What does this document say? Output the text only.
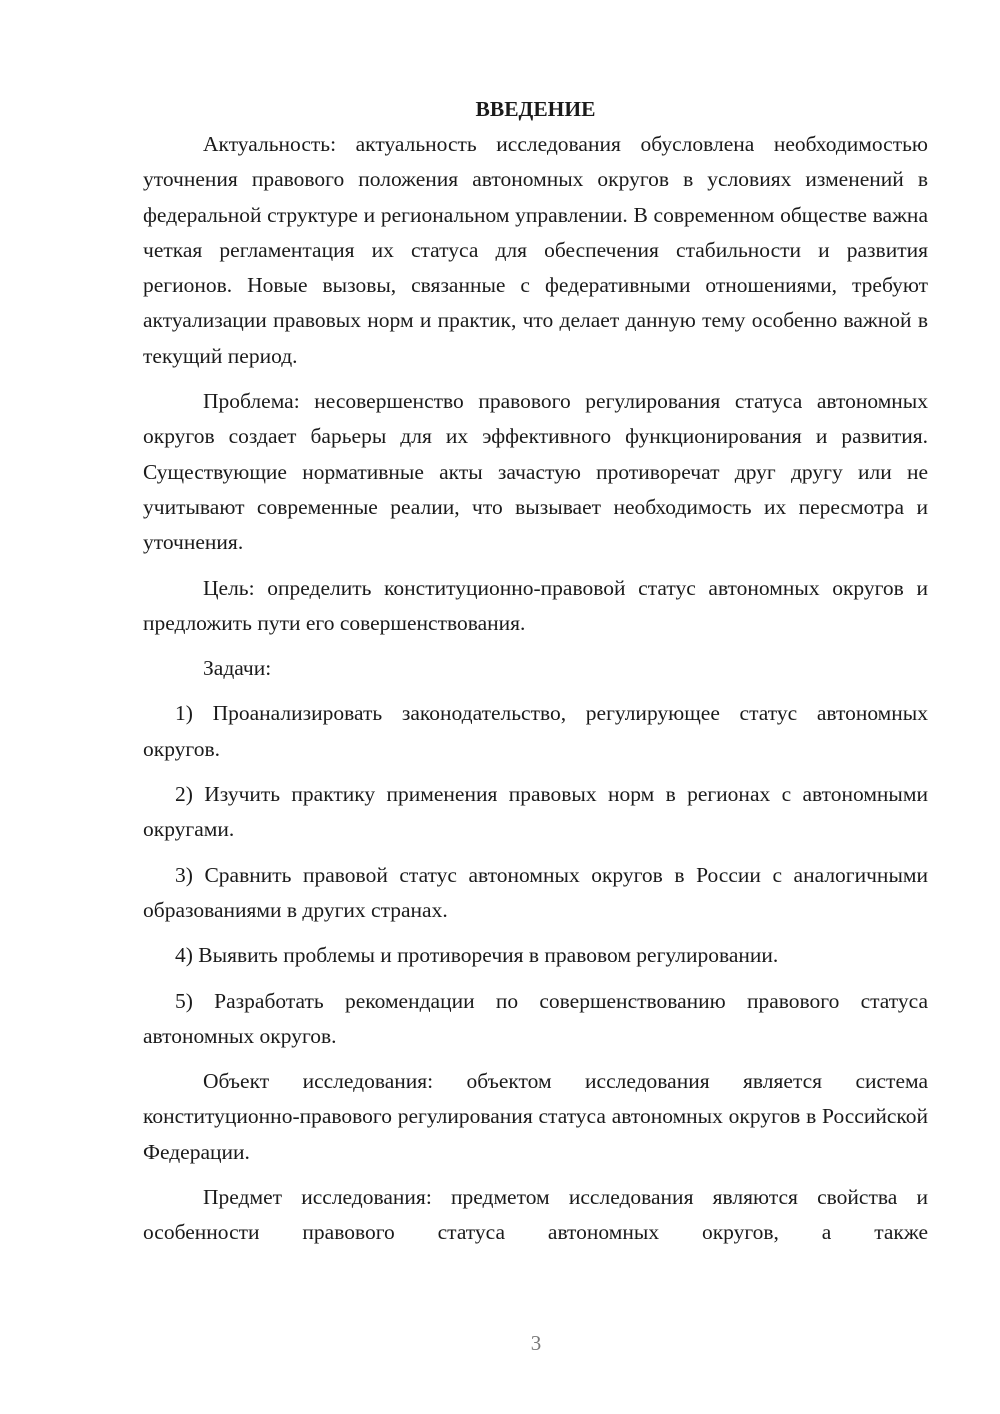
ВВЕДЕНИЕ

Актуальность: актуальность исследования обусловлена необходимостью уточнения правового положения автономных округов в условиях изменений в федеральной структуре и региональном управлении. В современном обществе важна четкая регламентация их статуса для обеспечения стабильности и развития регионов. Новые вызовы, связанные с федеративными отношениями, требуют актуализации правовых норм и практик, что делает данную тему особенно важной в текущий период.

Проблема: несовершенство правового регулирования статуса автономных округов создает барьеры для их эффективного функционирования и развития. Существующие нормативные акты зачастую противоречат друг другу или не учитывают современные реалии, что вызывает необходимость их пересмотра и уточнения.

Цель: определить конституционно-правовой статус автономных округов и предложить пути его совершенствования.

Задачи:

1) Проанализировать законодательство, регулирующее статус автономных округов.

2) Изучить практику применения правовых норм в регионах с автономными округами.

3) Сравнить правовой статус автономных округов в России с аналогичными образованиями в других странах.

4) Выявить проблемы и противоречия в правовом регулировании.

5) Разработать рекомендации по совершенствованию правового статуса автономных округов.

Объект исследования: объектом исследования является система конституционно-правового регулирования статуса автономных округов в Российской Федерации.

Предмет исследования: предметом исследования являются свойства и особенности правового статуса автономных округов, а также

3
